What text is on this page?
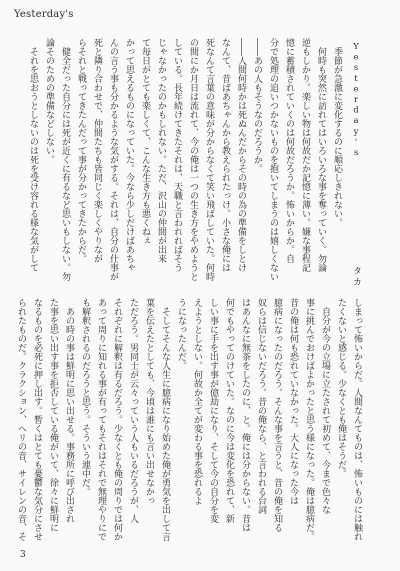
Yesterday's
Yesterday's
タカ
季節が急激に変化するのに順応しきれない。
何時も突然に訪れてはいろいろな事を奪っていく。勿論
逆もしかり。楽しい物は何故だか記憶に薄い。嫌な事程記
憶に蓄積されていくのは何故だろうか。怖いからか。自
分で処理の追いつかないものを抱いてしまうのは嬉しくない
――あの人もそうなのだろうか。
――人間何時かは死ぬんだからその時の為の準備をしとけ
なんて、昔ばあちゃんから教えられたっけ。小さな俺には
死なんて言葉の意味が分からなくて笑い飛ばしていた。何時
の間にか月日は流れて、今の俺は一つの生き方をやめようと
している。長年続けてきたそれは、天職と言われればそう
じゃなかったのかもしれない。ただ、沢山の仲間が出来
て毎日がとても楽しくて、こんな生き方も悪くねぇ
かって思えるものになっていた。今なら少しだけばあちゃ
んの言う事も分かるような気がする。それは、自分の仕事が
死と隣り合わせで、仲間たちも皆同じく楽しくやりなが
らそれと戦ってきたんだって事が分かってきたからだ。
健全だった自分には死が近くに有るなど思いもしない。勿
論そのための準備などしない。
それを思おうとしないのは死を受け容れる様な気がして
しまって怖いからだ。人間なんてものは、怖いものには触れ
たくないと感じる。少なくとも俺はそうだ。
自分が今の立場に立たされて初めて、今まで色々な
事に挑んでおけばよかったと思う様になった。俺は臆病だ。
昔の俺は何も恐れていなかった。大人になった今は
臆病になったのだろう。そんな事を言うと、昔の俺を知る
奴らは信じないだろう。昔の俺なら、と言われる台詞
はあんなに無茶をしたのに、と。俺には分からない。昔は
何でもやってのけていた。なのに今は変化を恐れて、新
しい事に手を出す事が億劫になり、そして今の自分を変
えようとしない。何故か全てが変わる事を恐れるよ
うになったんだ。
そしてそんな人生に臆病になり始めた俺が勇気を出して言
葉を伝えたとしても、今頃は誰にも言い出せなかっ
ただろう。男同士が云々っていう人もいるだろうが、人
それぞれに解釈は有るだろう。少なくとも俺の周りでは何か
あって周りに知れる事が有ってもそれはそれで無理やりにで
も解釈されるのだろうと思う。そういう連中だ。
あの時の事は鮮明に思い出せる。事務所に呼び出され
た事を思い出す事を拒否している俺がいて、徐々に鮮明に
なるものを必死に押し出す。暫くはとても憂鬱な気分にさせ
られたものだ。クラクション、ヘリの音、サイレンの音、そ
3
